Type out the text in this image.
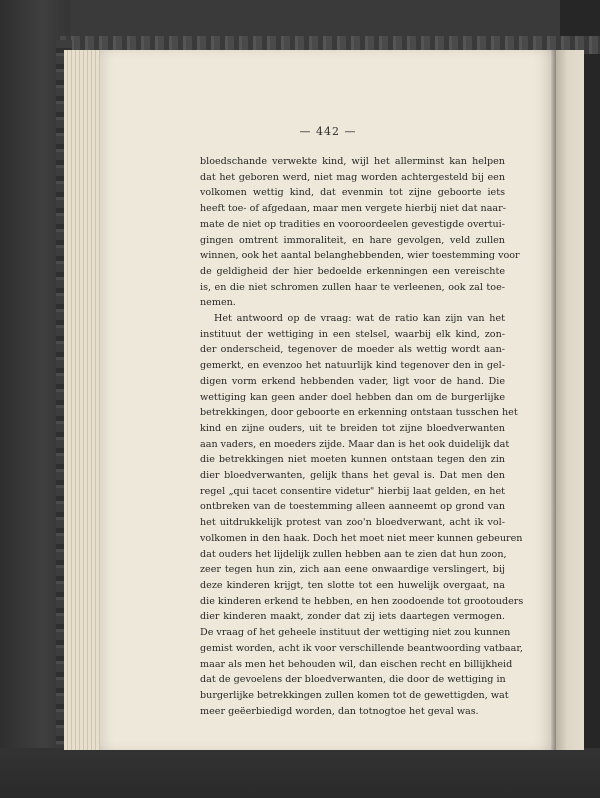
— 442 —
bloedschande verwekte kind, wijl het allerminst kan helpen
dat het geboren werd, niet mag worden achtergesteld bij een
volkomen wettig kind, dat evenmin tot zijne geboorte iets
heeft toe- of afgedaan, maar men vergete hierbij niet dat naar-
mate de niet op tradities en vooroordeelen gevestigde overtui-
gingen omtrent immoraliteit, en hare gevolgen, veld zullen
winnen, ook het aantal belanghebbenden, wier toestemming voor
de geldigheid der hier bedoelde erkenningen een vereischte
is, en die niet schromen zullen haar te verleenen, ook zal toe-
nemen.
Het antwoord op de vraag: wat de ratio kan zijn van het
instituut der wettiging in een stelsel, waarbij elk kind, zon-
der onderscheid, tegenover de moeder als wettig wordt aan-
gemerkt, en evenzoo het natuurlijk kind tegenover den in gel-
digen vorm erkend hebbenden vader, ligt voor de hand. Die
wettiging kan geen ander doel hebben dan om de burgerlijke
betrekkingen, door geboorte en erkenning ontstaan tusschen het
kind en zijne ouders, uit te breiden tot zijne bloedverwanten
aan vaders, en moeders zijde. Maar dan is het ook duidelijk dat
die betrekkingen niet moeten kunnen ontstaan tegen den zin
dier bloedverwanten, gelijk thans het geval is. Dat men den
regel „qui tacet consentire videtur" hierbij laat gelden, en het
ontbreken van de toestemming alleen aanneemt op grond van
het uitdrukkelijk protest van zoo'n bloedverwant, acht ik vol-
volkomen in den haak. Doch het moet niet meer kunnen gebeuren
dat ouders het lijdelijk zullen hebben aan te zien dat hun zoon,
zeer tegen hun zin, zich aan eene onwaardige verslingert, bij
deze kinderen krijgt, ten slotte tot een huwelijk overgaat, na
die kinderen erkend te hebben, en hen zoodoende tot grootouders
dier kinderen maakt, zonder dat zij iets daartegen vermogen.
De vraag of het geheele instituut der wettiging niet zou kunnen
gemist worden, acht ik voor verschillende beantwoording vatbaar,
maar als men het behouden wil, dan eischen recht en billijkheid
dat de gevoelens der bloedverwanten, die door de wettiging in
burgerlijke betrekkingen zullen komen tot de gewettigden, wat
meer geëerbiedigd worden, dan totnogtoe het geval was.
